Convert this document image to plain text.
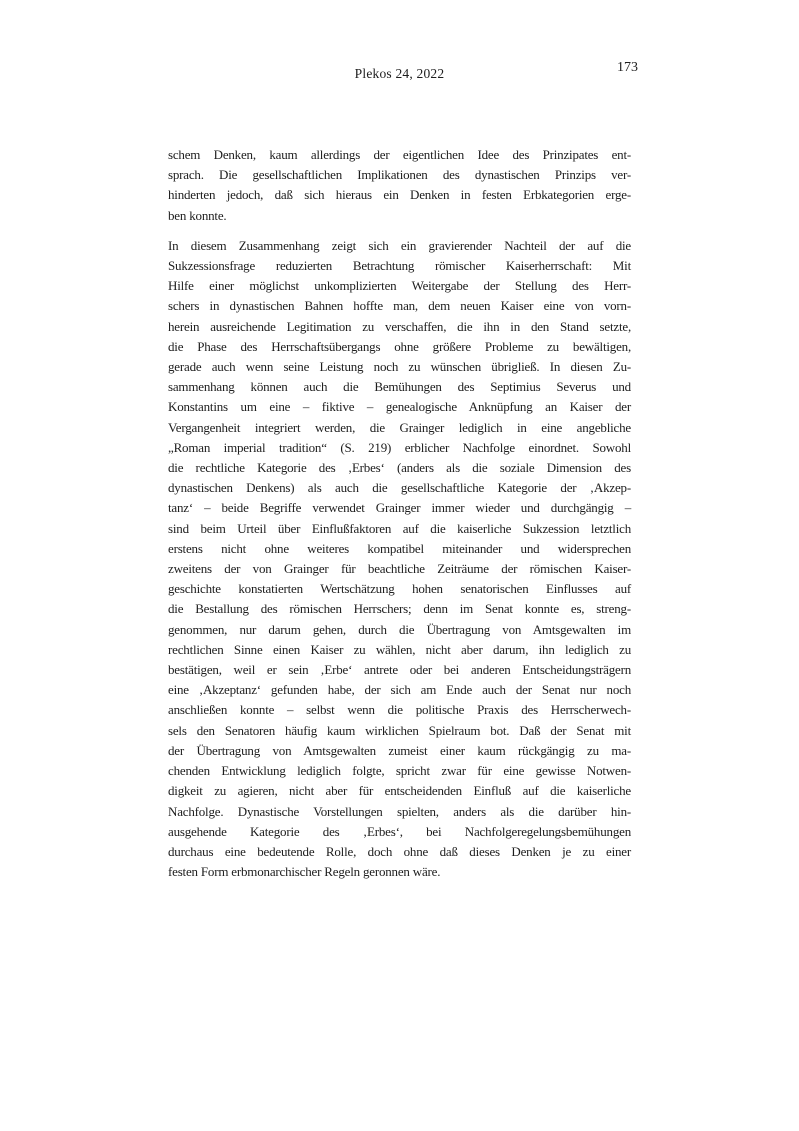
Plekos 24, 2022	173
schem Denken, kaum allerdings der eigentlichen Idee des Prinzipates ent-
sprach. Die gesellschaftlichen Implikationen des dynastischen Prinzips ver-
hinderten jedoch, daß sich hieraus ein Denken in festen Erbkategorien erge-
ben konnte.
In diesem Zusammenhang zeigt sich ein gravierender Nachteil der auf die
Sukzessionsfrage reduzierten Betrachtung römischer Kaiserherrschaft: Mit
Hilfe einer möglichst unkomplizierten Weitergabe der Stellung des Herr-
schers in dynastischen Bahnen hoffte man, dem neuen Kaiser eine von vorn-
herein ausreichende Legitimation zu verschaffen, die ihn in den Stand setzte,
die Phase des Herrschaftsübergangs ohne größere Probleme zu bewältigen,
gerade auch wenn seine Leistung noch zu wünschen übrigließ. In diesen Zu-
sammenhang können auch die Bemühungen des Septimius Severus und
Konstantins um eine – fiktive – genealogische Anknüpfung an Kaiser der
Vergangenheit integriert werden, die Grainger lediglich in eine angebliche
„Roman imperial tradition“ (S. 219) erblicher Nachfolge einordnet. Sowohl
die rechtliche Kategorie des ‚Erbes‘ (anders als die soziale Dimension des
dynastischen Denkens) als auch die gesellschaftliche Kategorie der ‚Akzep-
tanz‘ – beide Begriffe verwendet Grainger immer wieder und durchgängig –
sind beim Urteil über Einflußfaktoren auf die kaiserliche Sukzession letztlich
erstens nicht ohne weiteres kompatibel miteinander und widersprechen
zweitens der von Grainger für beachtliche Zeiträume der römischen Kaiser-
geschichte konstatierten Wertschätzung hohen senatorischen Einflusses auf
die Bestallung des römischen Herrschers; denn im Senat konnte es, streng-
genommen, nur darum gehen, durch die Übertragung von Amtsgewalten im
rechtlichen Sinne einen Kaiser zu wählen, nicht aber darum, ihn lediglich zu
bestätigen, weil er sein ‚Erbe‘ antrete oder bei anderen Entscheidungsträgern
eine ‚Akzeptanz‘ gefunden habe, der sich am Ende auch der Senat nur noch
anschließen konnte – selbst wenn die politische Praxis des Herrscherwech-
sels den Senatoren häufig kaum wirklichen Spielraum bot. Daß der Senat mit
der Übertragung von Amtsgewalten zumeist einer kaum rückgängig zu ma-
chenden Entwicklung lediglich folgte, spricht zwar für eine gewisse Notwen-
digkeit zu agieren, nicht aber für entscheidenden Einfluß auf die kaiserliche
Nachfolge. Dynastische Vorstellungen spielten, anders als die darüber hin-
ausgehende Kategorie des ‚Erbes‘, bei Nachfolgeregelungsbemühungen
durchaus eine bedeutende Rolle, doch ohne daß dieses Denken je zu einer
festen Form erbmonarchischer Regeln geronnen wäre.
